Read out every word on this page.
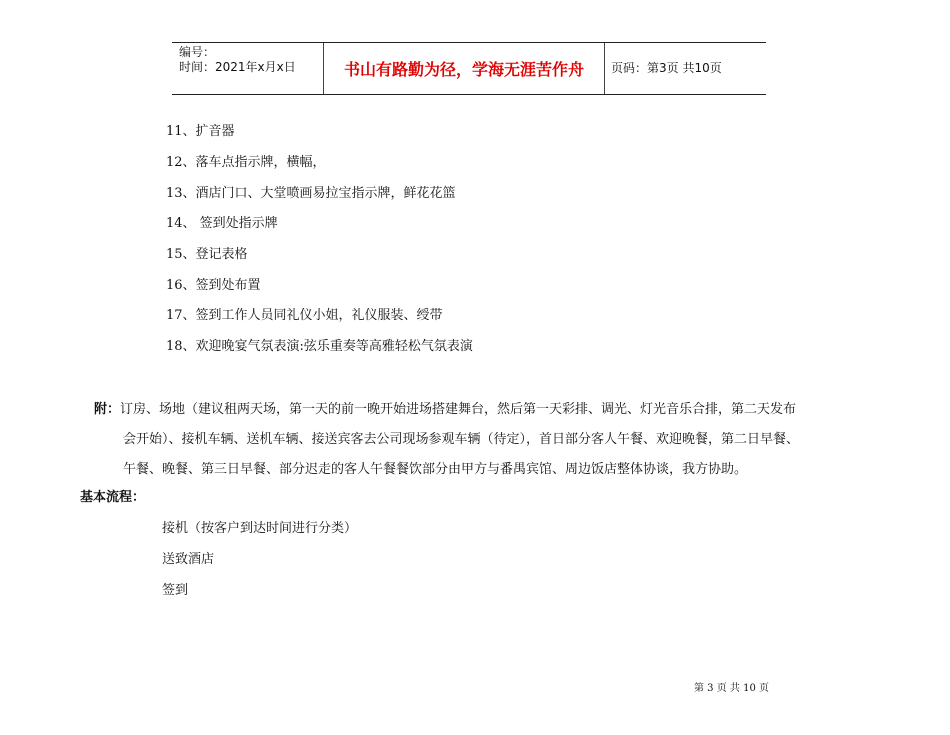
编号：
时间：2021年x月x日	书山有路勤为径，学海无涯苦作舟	页码：第3页 共10页
11、扩音器
12、落车点指示牌，横幅，
13、酒店门口、大堂喷画易拉宝指示牌，鲜花花篮
14、 签到处指示牌
15、登记表格
16、签到处布置
17、签到工作人员同礼仪小姐，礼仪服装、绶带
18、欢迎晚宴气氛表演:弦乐重奏等高雅轻松气氛表演
附：订房、场地（建议租两天场，第一天的前一晚开始进场搭建舞台，然后第一天彩排、调光、灯光音乐合排，第二天发布
会开始）、接机车辆、送机车辆、接送宾客去公司现场参观车辆（待定），首日部分客人午餐、欢迎晚餐，第二日早餐、
午餐、晚餐、第三日早餐、部分迟走的客人午餐餐饮部分由甲方与番禺宾馆、周边饭店整体协谈，我方协助。
基本流程：
接机（按客户到达时间进行分类）
送致酒店
签到
第 3 页 共 10 页
